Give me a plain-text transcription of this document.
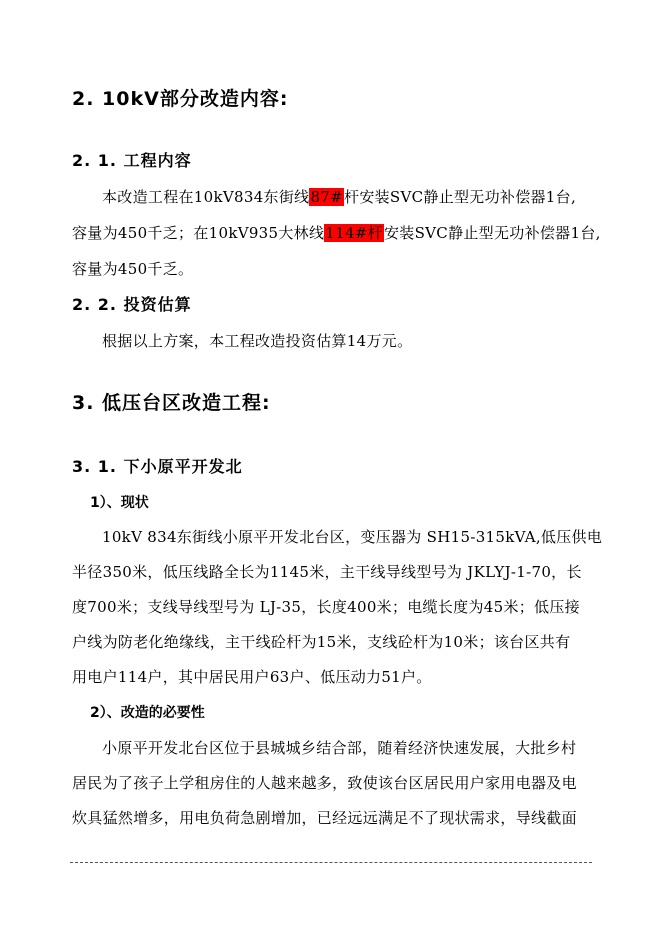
2. 10kV部分改造内容:
2. 1. 工程内容
本改造工程在10kV834东街线87#杆安装SVC静止型无功补偿器1台,
容量为450千乏；在10kV935大林线114#杆安装SVC静止型无功补偿器1台,
容量为450千乏。
2. 2. 投资估算
根据以上方案，本工程改造投资估算14万元。
3. 低压台区改造工程:
3. 1. 下小原平开发北
1）、现状
10kV 834东街线小原平开发北台区，变压器为 SH15-315kVA,低压供电
半径350米，低压线路全长为1145米，主干线导线型号为 JKLYJ-1-70，长
度700米；支线导线型号为 LJ-35，长度400米；电缆长度为45米；低压接
户线为防老化绝缘线，主干线砼杆为15米，支线砼杆为10米；该台区共有
用电户114户，其中居民用户63户、低压动力51户。
2）、改造的必要性
小原平开发北台区位于县城城乡结合部，随着经济快速发展，大批乡村
居民为了孩子上学租房住的人越来越多，致使该台区居民用户家用电器及电
炊具猛然增多，用电负荷急剧增加，已经远远满足不了现状需求，导线截面
